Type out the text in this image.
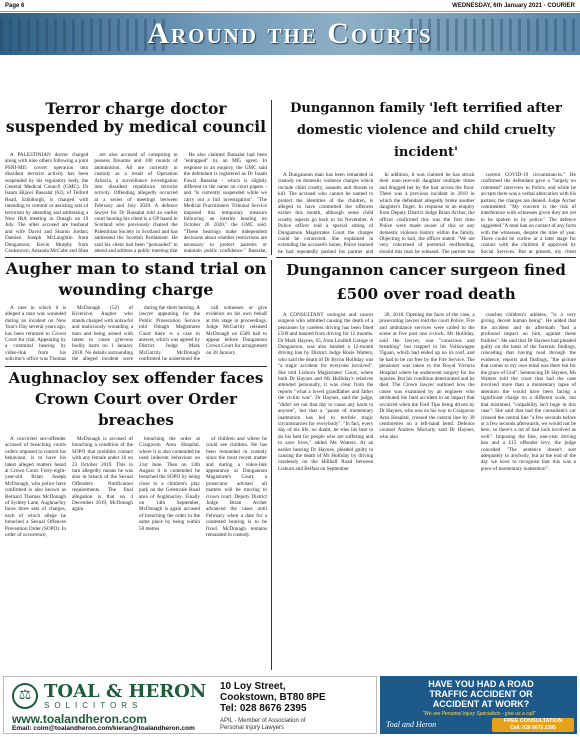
Page 6	WEDNESDAY, 6th January 2021 - COURIER
Around the Courts
Terror charge doctor suspended by medical council

A PALESTINIAN doctor charged along with nine others following a joint PSNI-MI5 covert operation into dissident terrorist activity has been suspended by his regulatory body, the General Medical Council (GMC). Dr Issam Hijawi Bassalat (62), of Telford Road, Edinburgh, is charged with intending to commit or assisting acts of terrorism by attending and addressing a New IRA meeting in Omagh on 19 July. The other accused are husband and wife David and Sharon Jordan; Damien Joseph McLaughlin from Dungannon; Kevin Murphy from Cookstown; Amanda McCabe and Shea

are also accused of conspiring to possess firearms and 100 rounds of ammunition. All are currently in custody as a result of Operation Arbacia, a surveillance investigation into dissident republican terrorist activity. Offending allegedly occurred at a series of meetings between February and July 2020. A defence lawyer for Dr Bassalat told an earlier court hearing his client is a GP based in Scotland who previously chaired the Palestinian Society in Scotland and has addressed the Scottish Parliament. He said his client had been "persuaded" to attend and address a public meeting that

He also claimed Bassalat had been "entrapped" by an MI5 agent. In response to an enquiry, the GMC said the defendant is registered as Dr Issam Fawzi Bassalat - which is slightly different to the name on court papers - and "is currently suspended while we carry out a full investigation". "The Medical Practitioners Tribunal Service imposed this temporary measure following an interim hearing on October 26 2020," the GMC said. "These hearings make independent decisions about whether restrictions are necessary to protect patients or maintain public confidence." Bassalat,

Dungannon family 'left terrified after domestic violence and child cruelty incident'

A Dungannon man has been remanded in custody on domestic violence charges which include child cruelty, assaults and threats to kill. The accused who cannot be named to protect the identities of the children, is alleged to have committed the offences earlier this month, although some child cruelty aspects go back to 1st November. A Police officer told a special sitting of Dungannon Magistrates Court the charges could be connected. She explained in extending the accused's home, Police learned he had repeatedly pushed his partner and

In addition, it was claimed he has struck their nine-year-old daughter multiple times and dragged her by the hair across the floor. There was a previous incident in 2019 in which the defendant allegedly broke another daughter's finger. In response to an enquiry from Deputy District Judge Brian Archer, the officer confirmed this was the first time Police were made aware of this or any domestic violence history within the family. Objecting to bail, the officer stated: "We are very concerned of potential reoffending, should this man be released. The partner has

current COVID-19 circumstances." He confirmed the defendant gave a "largely no comment" interview to Police, and while he accepts there was a verbal altercation with his partner, the charges are denied. Judge Archer commented: "My concern is the risk of interference with witnesses given they are yet to be spoken to by police." The defence suggested "A total ban on contact of any form with the witnesses, despite the time of year. There could be curfew at a later stage for contact with the children if approved by Social Services. But at present, my client

Augher man to stand trial on wounding charge

A case in which it is alleged a man was wounded during an incident on New Year's Day several years ago, has been returned to Crown Court for trial. Appearing by a commital hearing by video-link from his solicitor's office was Thomas

McDonagh (52) of Kiversive, Augher who stands charged with unlawful and maliciously wounding a man and being armed with intent to cause grievous bodily harm on 1 January 2018. No details surrounding the alleged incident were

during the short hearing. A lawyer appearing for the Public Prosecution Service told Omagh Magistrates Court there is a case to answer, which was agreed by District Judge Mark McGarrity. McDonagh confirmed he understood the

call witnesses or give evidence on his own behalf at this stage in proceedings. Judge McGarrity released McDonagh on £500 bail to appear before Dungannon Crown Court for arraignment on 28 January.

Aughnacloy sex offender faces Crown Court over Order breaches

A convicted sex-offender accused of breaching courts orders imposed to control his behaviour, is to have his latest alleged matters heard at Crown Court. Forty-eight-year-old Brian Joseph McDonagh, who police have confirmed is also known as Bernard Thomas McDonagh of Sydney Lane, Aughnacloy faces three sets of charges, each of which allege he breached a Sexual Offences Prevention Order (SOPO). In order of occurrence,

McDonagh is accused of breaching a condition of the SOPO that prohibits contact with any female under 16 on 23 October 2019. This in turn allegedly means he was also in breach of the Sexual Offenders Notification requirements. The final allegation is that on 4 December 2019, McDonagh again

breaching the order at Craigavon Area Hospital, where it is also contended he used indecent behaviour on 21st June. Then on 13th August it is contended he breached the SOPO by being close to a children's play park on the Greenvale Road area of Aughnacloy. Finally on 14th September, McDonagh is again accused of breaching the order in the same place by being within 50 metres

of children and where he could see children. He has been remanded in custody since the most recent matter and during a video-link appearance at Dungannon Magistrate's Court, a prosecutor advised all matters will be moving to crown court. Deputy District Judge Brian Archer advanced the cases until February when a date for a contested hearing is to be fixed. McDonagh remains remanded in custody.

Dungannon cancer surgeon fined £500 over road death

A CONSULTANT urologist and cancer surgeon who admitted causing the death of a pensioner by careless driving has been fined £500 and banned from driving for 12 months. Dr Mark Haynes, 65, from Lindhill Grange in Dungannon, was also handed a 12-month driving ban by District Judge Rosie Watters, who said the death of Dr Byron Holliday was "a tragic accident for everyone involved". She told Lisburn Magistrates' Court, where both Dr Haynes and Mr Holliday's relatives attended personally, it was clear from the reports "what a loved grandfather and father the victim was". Dr Haynes, said the judge, "didn't set out that day to cause any harm to anyone", but that a "pause of momentary inattention has led to terrible tragic circumstances for everybody". "In fact, every day of his life, no doubt, he tries his best to do his best for people who are suffering and to save lives," added Ms Watters. At an earlier hearing Dr Haynes, pleaded guilty to causing the death of Mr Holliday by driving carelessly on the Hillhall Road between Lisburn and Belfast on September

28, 2018. Opening the facts of the case, a prosecuting lawyer told the court Police, Fire and ambulance services were called to the scene at five past one o'clock. Mr Holliday, said the lawyer, was "conscious and breathing" but trapped in his Volkswagen Tiguan, which had ended up on its roof, and he had to be cut free by the Fire Service. The pensioner was taken to the Royal Victoria Hospital where he underwent surgery for his injuries. But his condition deteriorated and he died. The Crown lawyer outlined how the cause was examined by an engineer who attributed the fatal accident to an impact that occurred when the Ford Tipo being driven by Dr Haynes, who was on his way to Craigavon Area Hospital, crossed the central line by 30 centimetres on a left-hand bend. Defence counsel Andrew Moriarty said Dr Haynes, who also

coaches children's athletes, "is a very giving, decent human being". He added that the accident and its aftermath "had a profound impact on him, against those frailties". He said that Dr Haynes had pleaded guilty on the basis of the forensic findings, conceding that having read through the evidence, reports and findings, "the picture that comes to my own mind was there but for the grace of God". Sentencing Dr Haynes, Ms Watters told the court that had the case involved more than a momentary lapse of attention the would have been facing a significant charge on a different scale, but that mistimed, "culpability isn't huge in this case". She said that had the consultant's car crossed the central line "a few seconds before or a few seconds afterwards, we would not be here, so there's a lot of bad luck involved as well". Imposing the fine, one-year driving ban and a £15 offender levy, the judge conceded "The sentence doesn't sort adequately to anybody, but at the end of the day we have to recognise that this was a piece of momentary inattention".

⚖ TOAL & HERON
SOLICITORS
www.toalandheron.com
Email: colm@toalandheron.com/kieran@toalandheron.com
10 Loy Street,
Cookstown, BT80 8PE
Tel: 028 8676 2395
APIL - Member of Association of
Personal Injury Lawyers
HAVE YOU HAD A ROAD
TRAFFIC ACCIDENT OR
ACCIDENT AT WORK?
"We are Personal Injury Specialists - give us a call"
Toal and Heron	FREE CONSULTATION
Call: 028 8676 2395
